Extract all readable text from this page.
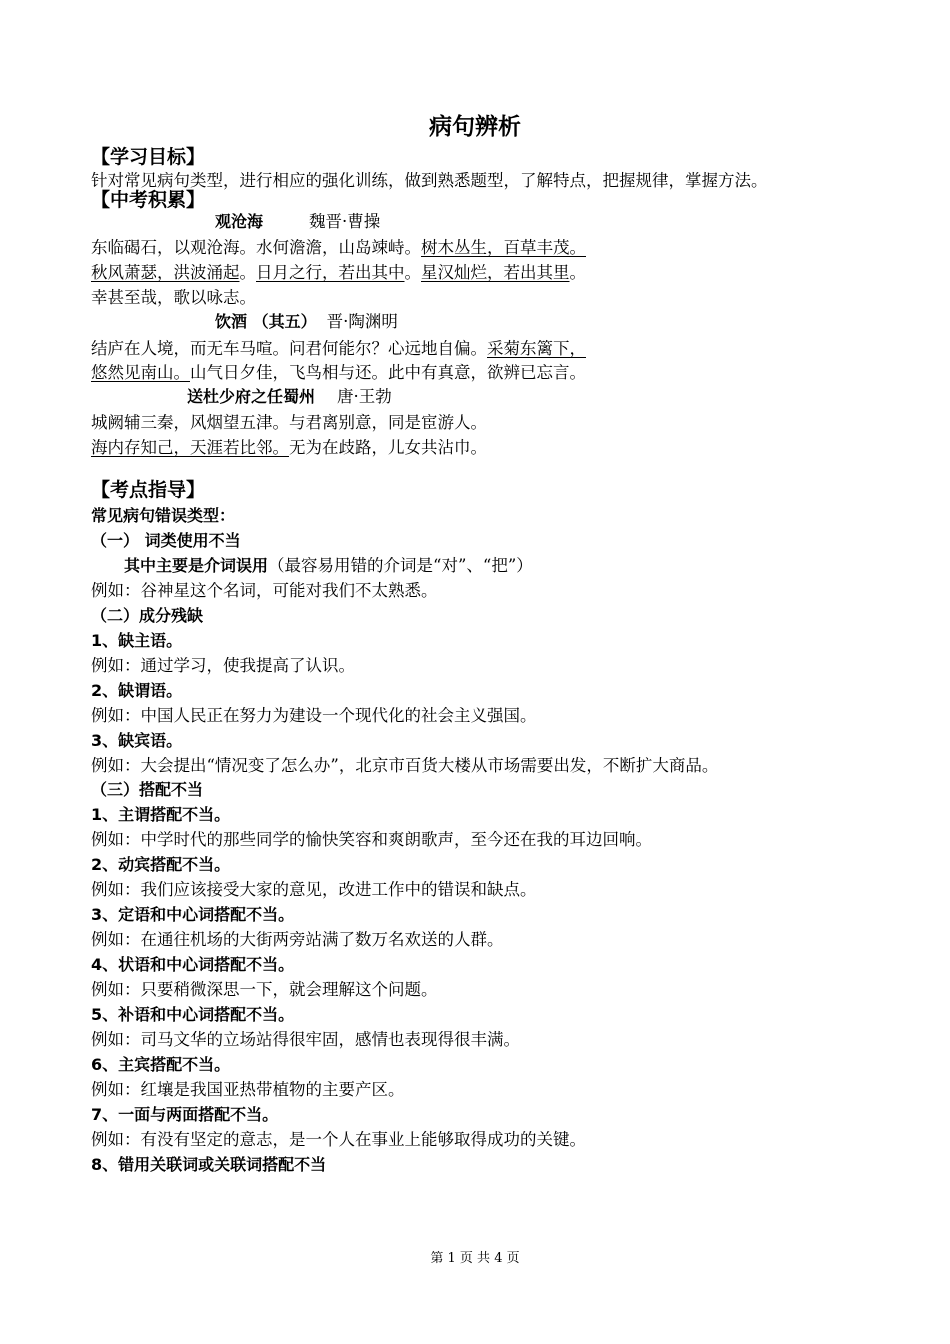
病句辨析
【学习目标】
针对常见病句类型，进行相应的强化训练，做到熟悉题型，了解特点，把握规律，掌握方法。
【中考积累】
观沧海	魏晋·曹操
东临碣石，以观沧海。水何澹澹，山岛竦峙。树木丛生，百草丰茂。
秋风萧瑟，洪波涌起。日月之行，若出其中。星汉灿烂，若出其里。
幸甚至哉，歌以咏志。
饮酒 （其五） 晋·陶渊明
结庐在人境，而无车马喧。问君何能尔？心远地自偏。采菊东篱下，
悠然见南山。山气日夕佳，飞鸟相与还。此中有真意，欲辨已忘言。
送杜少府之任蜀州 唐·王勃
城阙辅三秦，风烟望五津。与君离别意，同是宦游人。
海内存知己，天涯若比邻。无为在歧路，儿女共沾巾。
【考点指导】
常见病句错误类型：
（一） 词类使用不当
其中主要是介词误用（最容易用错的介词是“对”、“把”）
例如：谷神星这个名词，可能对我们不太熟悉。
（二）成分残缺
1、缺主语。
例如：通过学习，使我提高了认识。
2、缺谓语。
例如：中国人民正在努力为建设一个现代化的社会主义强国。
3、缺宾语。
例如：大会提出“情况变了怎么办”，北京市百货大楼从市场需要出发，不断扩大商品。
（三）搭配不当
1、主谓搭配不当。
例如：中学时代的那些同学的愉快笑容和爽朗歌声，至今还在我的耳边回响。
2、动宾搭配不当。
例如：我们应该接受大家的意见，改进工作中的错误和缺点。
3、定语和中心词搭配不当。
例如：在通往机场的大街两旁站满了数万名欢送的人群。
4、状语和中心词搭配不当。
例如：只要稍微深思一下，就会理解这个问题。
5、补语和中心词搭配不当。
例如：司马文华的立场站得很牢固，感情也表现得很丰满。
6、主宾搭配不当。
例如：红壤是我国亚热带植物的主要产区。
7、一面与两面搭配不当。
例如：有没有坚定的意志，是一个人在事业上能够取得成功的关键。
8、错用关联词或关联词搭配不当
第 1 页 共 4 页
